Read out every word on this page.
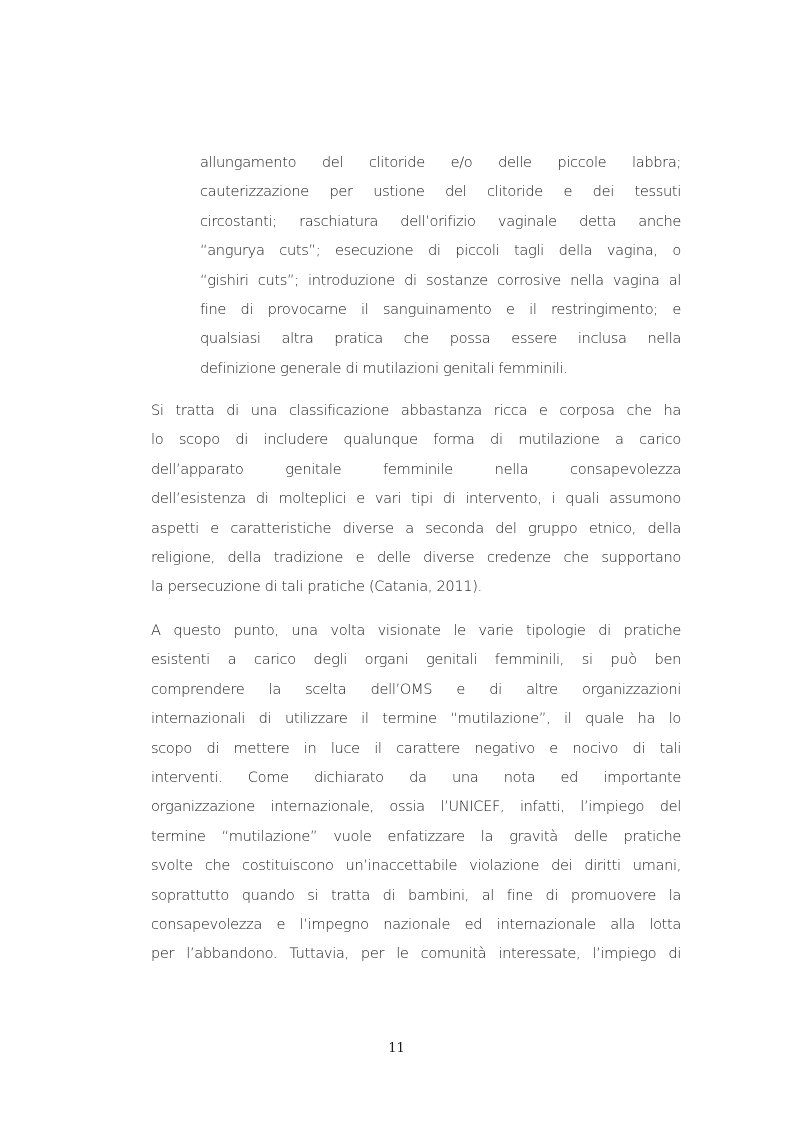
allungamento del clitoride e/o delle piccole labbra;
cauterizzazione per ustione del clitoride e dei tessuti
circostanti; raschiatura dell’orifizio vaginale detta anche
“angurya cuts”; esecuzione di piccoli tagli della vagina, o
“gishiri cuts”; introduzione di sostanze corrosive nella vagina al
fine di provocarne il sanguinamento e il restringimento; e
qualsiasi altra pratica che possa essere inclusa nella
definizione generale di mutilazioni genitali femminili.
Si tratta di una classificazione abbastanza ricca e corposa che ha
lo scopo di includere qualunque forma di mutilazione a carico
dell’apparato genitale femminile nella consapevolezza
dell’esistenza di molteplici e vari tipi di intervento, i quali assumono
aspetti e caratteristiche diverse a seconda del gruppo etnico, della
religione, della tradizione e delle diverse credenze che supportano
la persecuzione di tali pratiche (Catania, 2011).
A questo punto, una volta visionate le varie tipologie di pratiche
esistenti a carico degli organi genitali femminili, si può ben
comprendere la scelta dell’OMS e di altre organizzazioni
internazionali di utilizzare il termine “mutilazione”, il quale ha lo
scopo di mettere in luce il carattere negativo e nocivo di tali
interventi. Come dichiarato da una nota ed importante
organizzazione internazionale, ossia l’UNICEF, infatti, l’impiego del
termine “mutilazione” vuole enfatizzare la gravità delle pratiche
svolte che costituiscono un’inaccettabile violazione dei diritti umani,
soprattutto quando si tratta di bambini, al fine di promuovere la
consapevolezza e l’impegno nazionale ed internazionale alla lotta
per l’abbandono. Tuttavia, per le comunità interessate, l’impiego di
11
